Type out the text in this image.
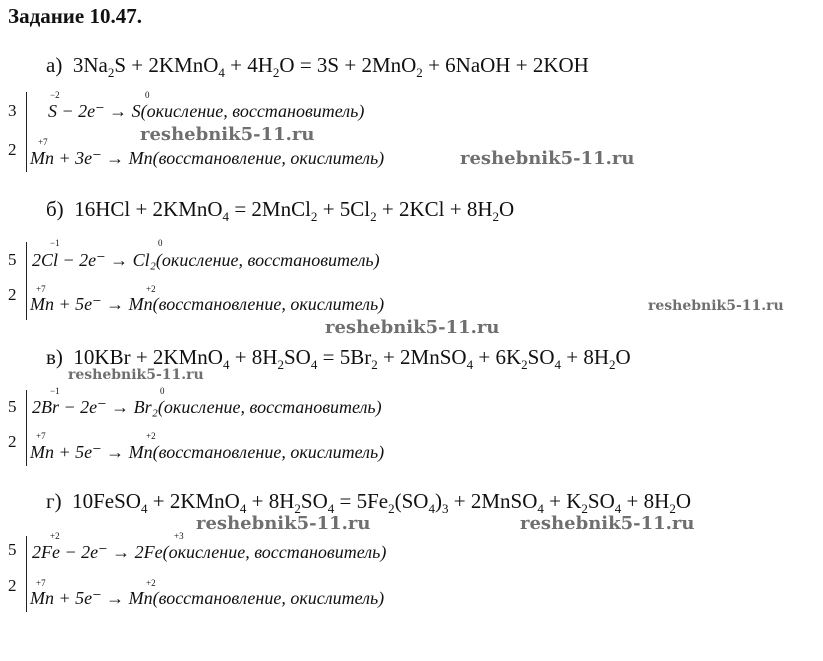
Задание 10.47.
а) $3Na_2S$ + 2KMnO$_4$ + $4H_2O = 3S + 2MnO_2$ + 6NaOH + 2KOH
3 S − 2e⁻ → S(окисление, восстановитель)
−2	0
2 Mn + 3e⁻ → Mn(восстановление, окислитель)
+7
б)  16HCl + 2KMnO$_4$ = 2MnCl$_2$ + $5Cl_2 + 2KCl + 8H_2O$
5 2Cl − 2e⁻ → Cl₂(окисление, восстановитель)
−1	0
2 Mn + 5e⁻ → Mn(восстановление, окислитель)
+7	+2
в)  10KBr + 2KMnO$_4$ + $8H_2SO_4 = 5Br_2$ + 2MnSO$_4$ + $6K_2SO_4 + 8H_2O$
5 2Br − 2e⁻ → Br₂(окисление, восстановитель)
−1	0
2
Mn + 5e⁻ → Mn(восстановление, окислитель)
+7	+2
г)  10FeSO$_4$ + 2KMnO$_4$ + $8H_2SO_4 = 5Fe_2(SO_4)_3$ + 2MnSO$_4$ + $K_2SO_4 + 8H_2O$
5 2Fe − 2e⁻ → 2Fe(окисление, восстановитель)
+2	+3
2
Mn + 5e⁻ → Mn(восстановление, окислитель)
+7	+2
reshebnik5-11.ru
reshebnik5-11.ru
reshebnik5-11.ru
reshebnik5-11.ru
reshebnik5-11.ru
reshebnik5-11.ru	reshebnik5-11.ru
